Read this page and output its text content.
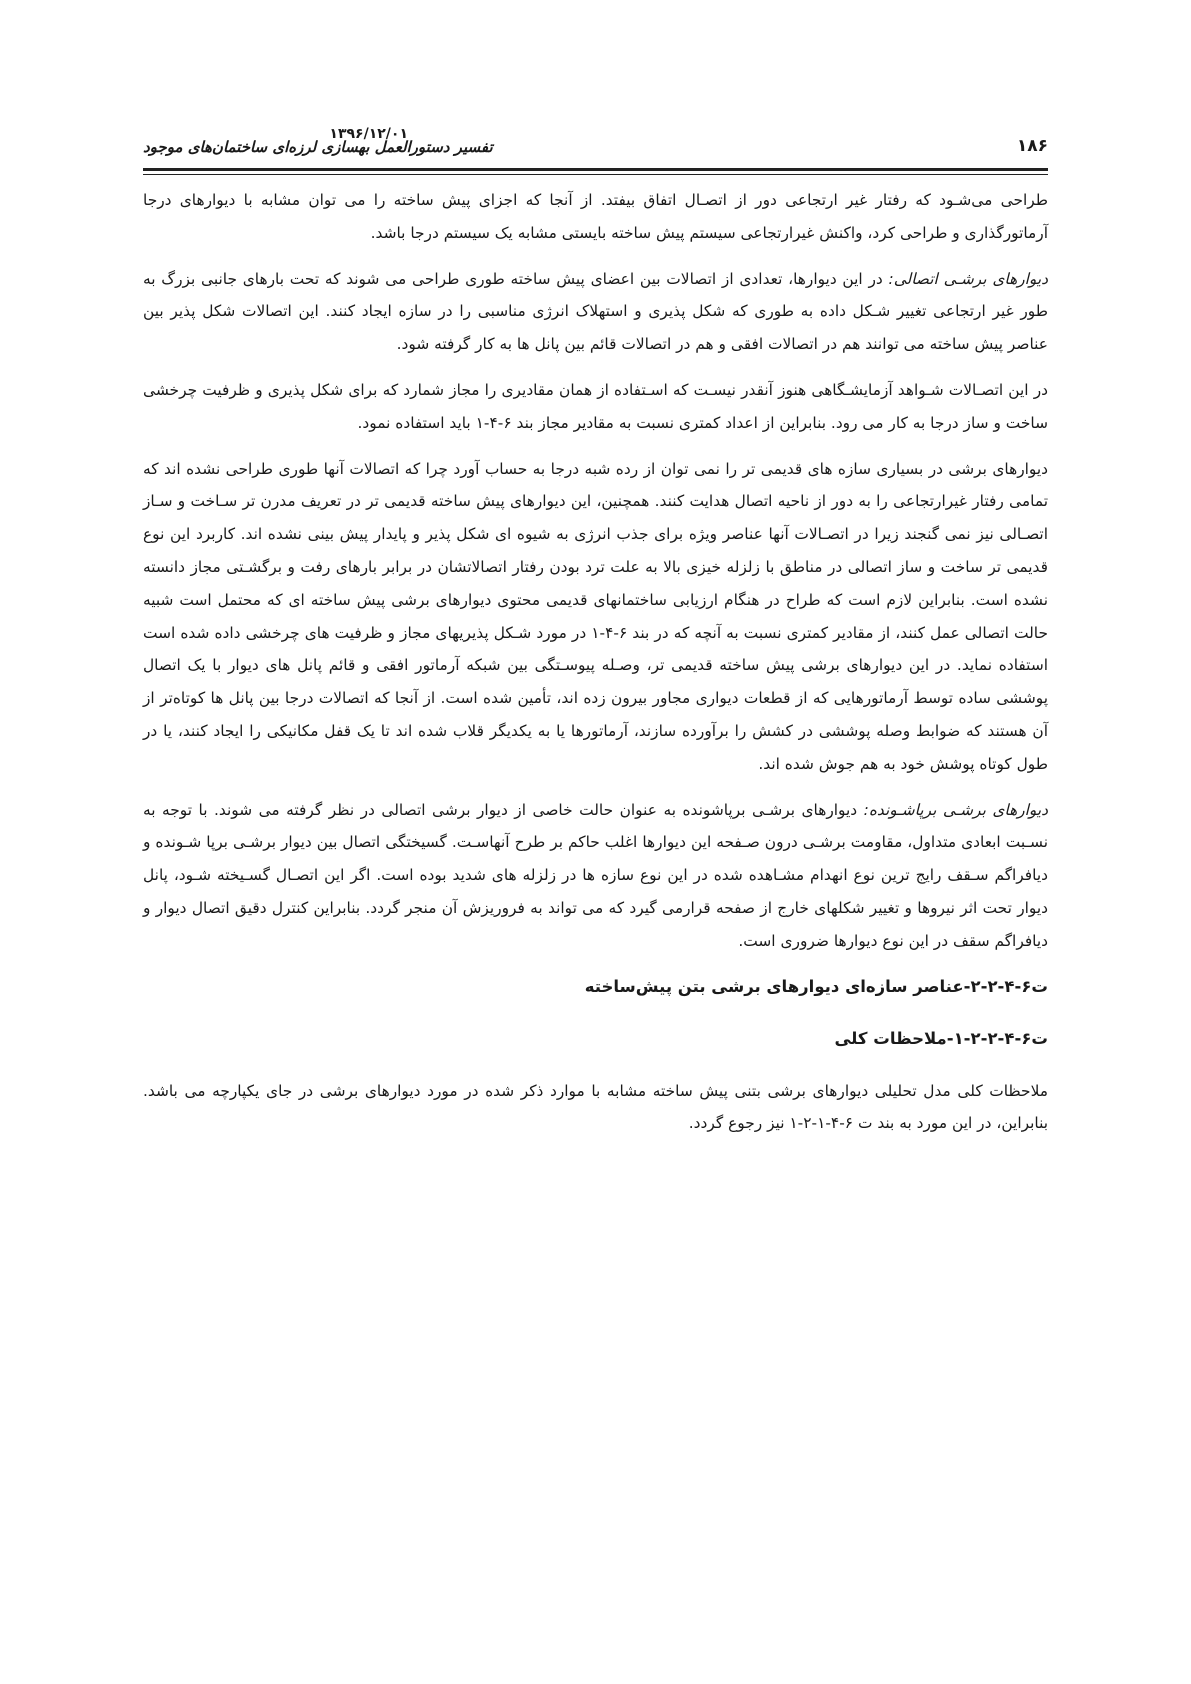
۱۸۶
۱۳۹۶/۱۲/۰۱
تفسیر دستورالعمل بهسازی لرزه‌ای ساختمان‌های موجود

طراحی می‌شـود که رفتار غیر ارتجاعی دور از اتصـال اتفاق بیفتد. از آنجا که اجزای پیش ساخته را می توان مشابه با دیوارهای درجا آرماتورگذاری و طراحی کرد، واکنش غیرارتجاعی سیستم پیش ساخته بایستی مشابه یک سیستم درجا باشد.

دیوارهای برشـی اتصالی: در این دیوارها، تعدادی از اتصالات بین اعضای پیش ساخته طوری طراحی می شوند که تحت بارهای جانبی بزرگ به طور غیر ارتجاعی تغییر شـکل داده به طوری که شکل پذیری و استهلاک انرژی مناسبی را در سازه ایجاد کنند. این اتصالات شکل پذیر بین عناصر پیش ساخته می توانند هم در اتصالات افقی و هم در اتصالات قائم بین پانل ها به کار گرفته شود.

در این اتصـالات شـواهد آزمایشـگاهی هنوز آنقدر نیسـت که اسـتفاده از همان مقادیری را مجاز شمارد که برای شکل پذیری و ظرفیت چرخشی ساخت و ساز درجا به کار می رود. بنابراین از اعداد کمتری نسبت به مقادیر مجاز بند ۶-۴-۱ باید استفاده نمود.

دیوارهای برشی در بسیاری سازه های قدیمی تر را نمی توان از رده شبه درجا به حساب آورد چرا که اتصالات آنها طوری طراحی نشده اند که تمامی رفتار غیرارتجاعی را به دور از ناحیه اتصال هدایت کنند. همچنین، این دیوارهای پیش ساخته قدیمی تر در تعریف مدرن تر سـاخت و سـاز اتصـالی نیز نمی گنجند زیرا در اتصـالات آنها عناصر ویژه برای جذب انرژی به شیوه ای شکل پذیر و پایدار پیش بینی نشده اند. کاربرد این نوع قدیمی تر ساخت و ساز اتصالی در مناطق با زلزله خیزی بالا به علت ترد بودن رفتار اتصالاتشان در برابر بارهای رفت و برگشـتی مجاز دانسته نشده است. بنابراین لازم است که طراح در هنگام ارزیابی ساختمانهای قدیمی محتوی دیوارهای برشی پیش ساخته ای که محتمل است شبیه حالت اتصالی عمل کنند، از مقادیر کمتری نسبت به آنچه که در بند ۶-۴-۱ در مورد شـکل پذیریهای مجاز و ظرفیت های چرخشی داده شده است استفاده نماید. در این دیوارهای برشی پیش ساخته قدیمی تر، وصـله پیوسـتگی بین شبکه آرماتور افقی و قائم پانل های دیوار با یک اتصال پوششی ساده توسط آرماتورهایی که از قطعات دیواری مجاور بیرون زده اند، تأمین شده است. از آنجا که اتصالات درجا بین پانل ها کوتاه‌تر از آن هستند که ضوابط وصله پوششی در کشش را برآورده سازند، آرماتورها یا به یکدیگر قلاب شده اند تا یک قفل مکانیکی را ایجاد کنند، یا در طول کوتاه پوشش خود به هم جوش شده اند.

دیوارهای برشـی برپاشـونده: دیوارهای برشـی برپاشونده به عنوان حالت خاصی از دیوار برشی اتصالی در نظر گرفته می شوند. با توجه به نسـبت ابعادی متداول، مقاومت برشـی درون صـفحه این دیوارها اغلب حاکم بر طرح آنهاسـت. گسیختگی اتصال بین دیوار برشـی برپا شـونده و دیافراگم سـقف رایج ترین نوع انهدام مشـاهده شده در این نوع سازه ها در زلزله های شدید بوده است. اگر این اتصـال گسـیخته شـود، پانل دیوار تحت اثر نیروها و تغییر شکلهای خارج از صفحه قرارمی گیرد که می تواند به فروریزش آن منجر گردد. بنابراین کنترل دقیق اتصال دیوار و دیافراگم سقف در این نوع دیوارها ضروری است.

ت۶-۴-۲-۲-عناصر سازه‌ای دیوارهای برشی بتن پیش‌ساخته
ت۶-۴-۲-۲-۱-ملاحظات کلی

ملاحظات کلی مدل تحلیلی دیوارهای برشی بتنی پیش ساخته مشابه با موارد ذکر شده در مورد دیوارهای برشی در جای یکپارچه می باشد. بنابراین، در این مورد به بند ت ۶-۴-۱-۲-۱ نیز رجوع گردد.
